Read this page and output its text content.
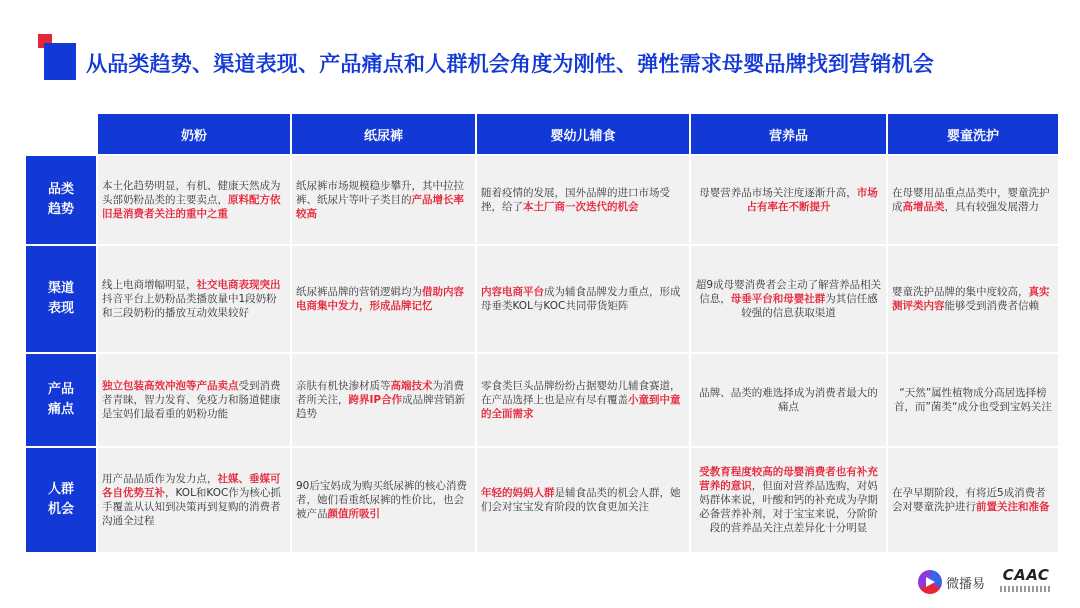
从品类趋势、渠道表现、产品痛点和人群机会角度为刚性、弹性需求母婴品牌找到营销机会
	奶粉	纸尿裤	婴幼儿辅食	营养品	婴童洗护
品类
趋势	本土化趋势明显，有机、健康天然成为头部奶粉品类的主要卖点，原料配方依旧是消费者关注的重中之重	纸尿裤市场规模稳步攀升，其中拉拉裤、纸尿片等叶子类目的产品增长率较高	随着疫情的发展，国外品牌的进口市场受挫，给了本土厂商一次迭代的机会	母婴营养品市场关注度逐渐升高，市场占有率在不断提升	在母婴用品重点品类中，婴童洗护成高增品类，具有较强发展潜力
渠道
表现	线上电商增幅明显，社交电商表现突出
抖音平台上奶粉品类播放量中1段奶粉和三段奶粉的播放互动效果较好	纸尿裤品牌的营销逻辑均为借助内容电商集中发力，形成品牌记忆	内容电商平台成为辅食品牌发力重点，形成母垂类KOL与KOC共同带货矩阵	超9成母婴消费者会主动了解营养品相关信息，母垂平台和母婴社群为其信任感较强的信息获取渠道	婴童洗护品牌的集中度较高，真实测评类内容能够受到消费者信赖
产品
痛点	独立包装高效冲泡等产品卖点受到消费者青睐，智力发育、免疫力和肠道健康是宝妈们最看重的奶粉功能	亲肤有机快渗材质等高端技术为消费者所关注，跨界IP合作成品牌营销新趋势	零食类巨头品牌纷纷占据婴幼儿辅食赛道，在产品选择上也是应有尽有覆盖小童到中童的全面需求	品牌、品类的难选择成为消费者最大的痛点	“天然”属性植物成分高居选择榜首，而”菌类“成分也受到宝妈关注
人群
机会	用产品品质作为发力点，社媒、垂媒可各自优势互补，KOL和KOC作为核心抓手覆盖从认知到决策再到复购的消费者沟通全过程	90后宝妈成为购买纸尿裤的核心消费者，她们看重纸尿裤的性价比，也会被产品颜值所吸引	年轻的妈妈人群是辅食品类的机会人群，她们会对宝宝发育阶段的饮食更加关注	受教育程度较高的母婴消费者也有补充营养的意识，但面对营养品选购，对妈妈群体来说，叶酸和钙的补充成为孕期必备营养补剂，对于宝宝来说，分阶阶段的营养品关注点差异化十分明显	在孕早期阶段，有将近5成消费者会对婴童洗护进行前置关注和准备
微播易 CAAC
